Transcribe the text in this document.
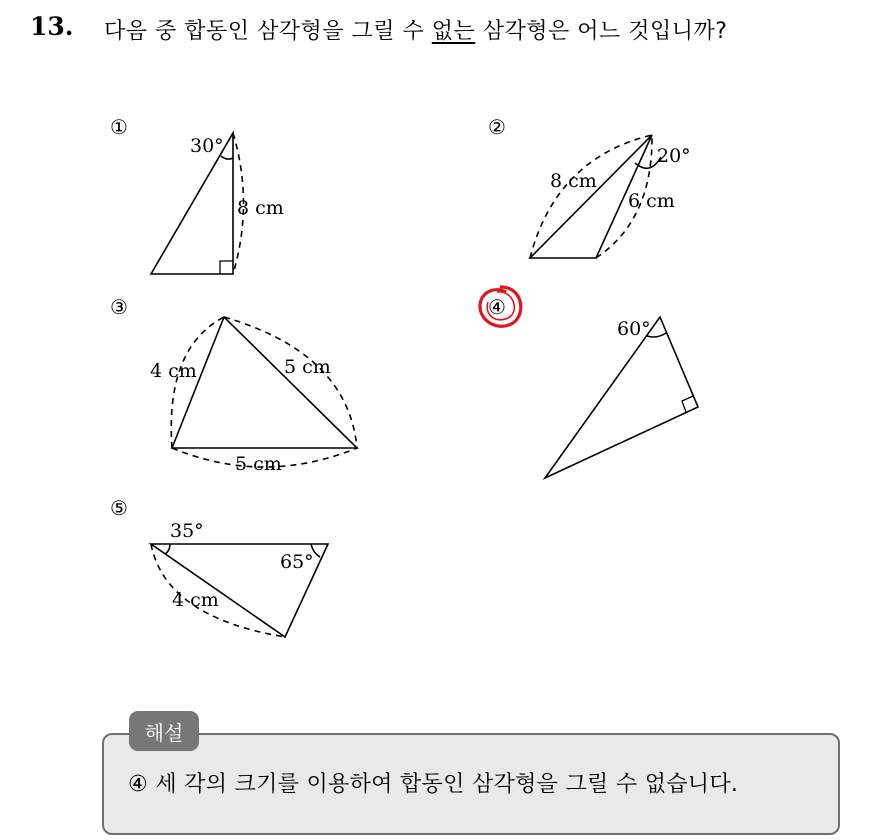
13. 다음 중 합동인 삼각형을 그릴 수 없는 삼각형은 어느 것입니까?
①	②
③	④
⑤
30°
8 cm
8 cm
20°
6 cm
4 cm	5 cm
5 cm
60°
35°
65°
4 cm
해설
④ 세 각의 크기를 이용하여 합동인 삼각형을 그릴 수 없습니다.
